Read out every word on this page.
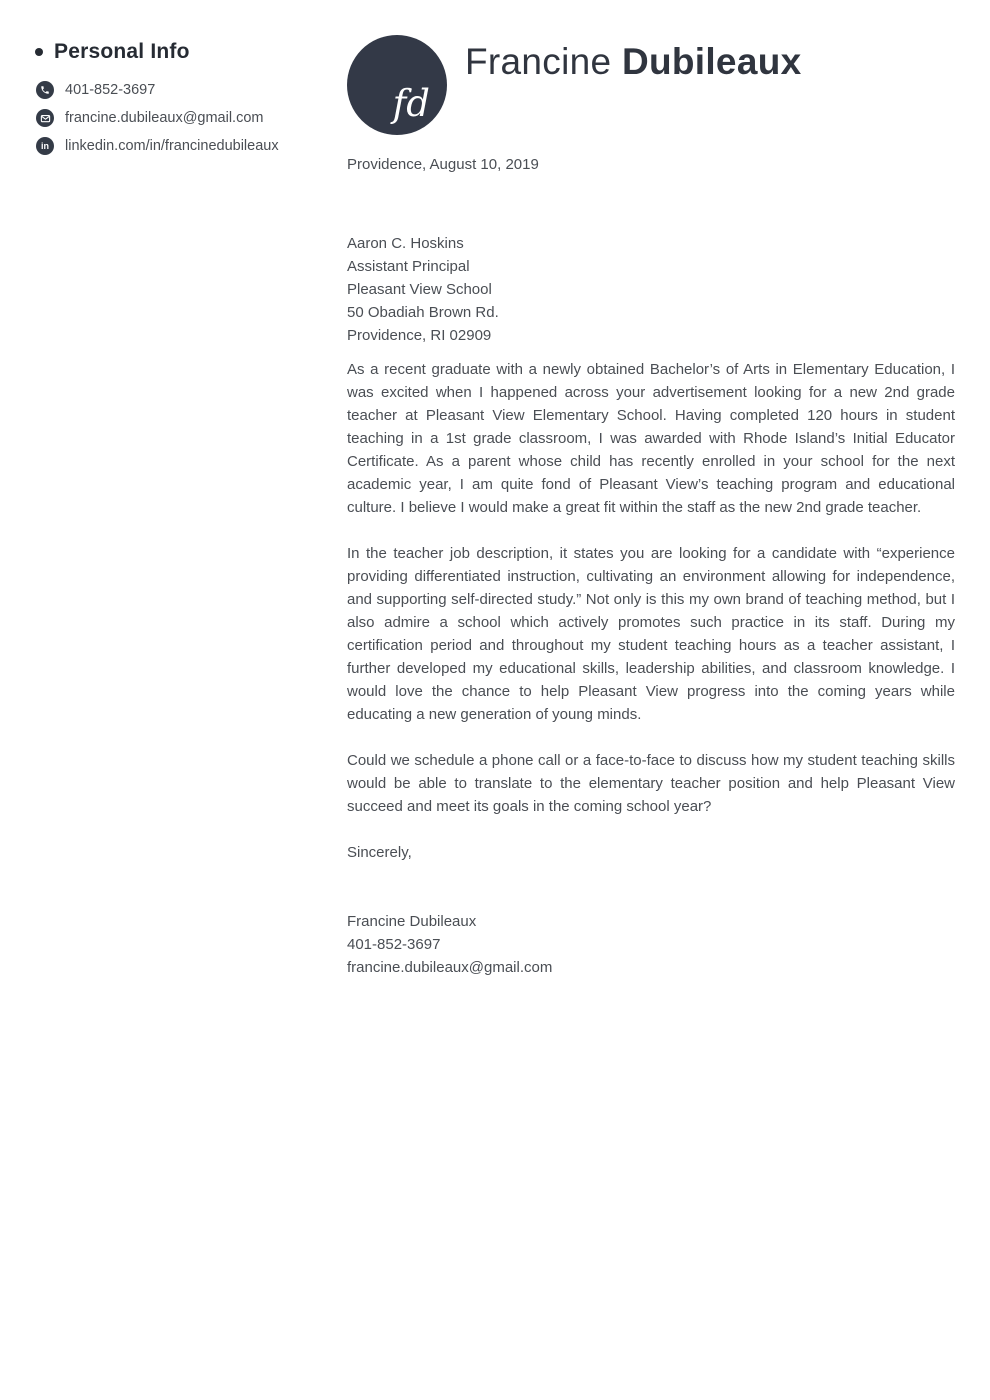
Personal Info
401-852-3697
francine.dubileaux@gmail.com
in linkedin.com/in/francinedubileaux
fd
Francine Dubileaux
Providence, August 10, 2019
Aaron C. Hoskins
Assistant Principal
Pleasant View School
50 Obadiah Brown Rd.
Providence, RI 02909

As a recent graduate with a newly obtained Bachelor’s of Arts in Elementary Education, I was excited when I happened across your advertisement looking for a new 2nd grade teacher at Pleasant View Elementary School. Having completed 120 hours in student teaching in a 1st grade classroom, I was awarded with Rhode Island’s Initial Educator Certificate. As a parent whose child has recently enrolled in your school for the next academic year, I am quite fond of Pleasant View’s teaching program and educational culture. I believe I would make a great fit within the staff as the new 2nd grade teacher.

In the teacher job description, it states you are looking for a candidate with “experience providing differentiated instruction, cultivating an environment allowing for independence, and supporting self-directed study.” Not only is this my own brand of teaching method, but I also admire a school which actively promotes such practice in its staff. During my certification period and throughout my student teaching hours as a teacher assistant, I further developed my educational skills, leadership abilities, and classroom knowledge. I would love the chance to help Pleasant View progress into the coming years while educating a new generation of young minds.

Could we schedule a phone call or a face-to-face to discuss how my student teaching skills would be able to translate to the elementary teacher position and help Pleasant View succeed and meet its goals in the coming school year?

Sincerely,
Francine Dubileaux
401-852-3697
francine.dubileaux@gmail.com
